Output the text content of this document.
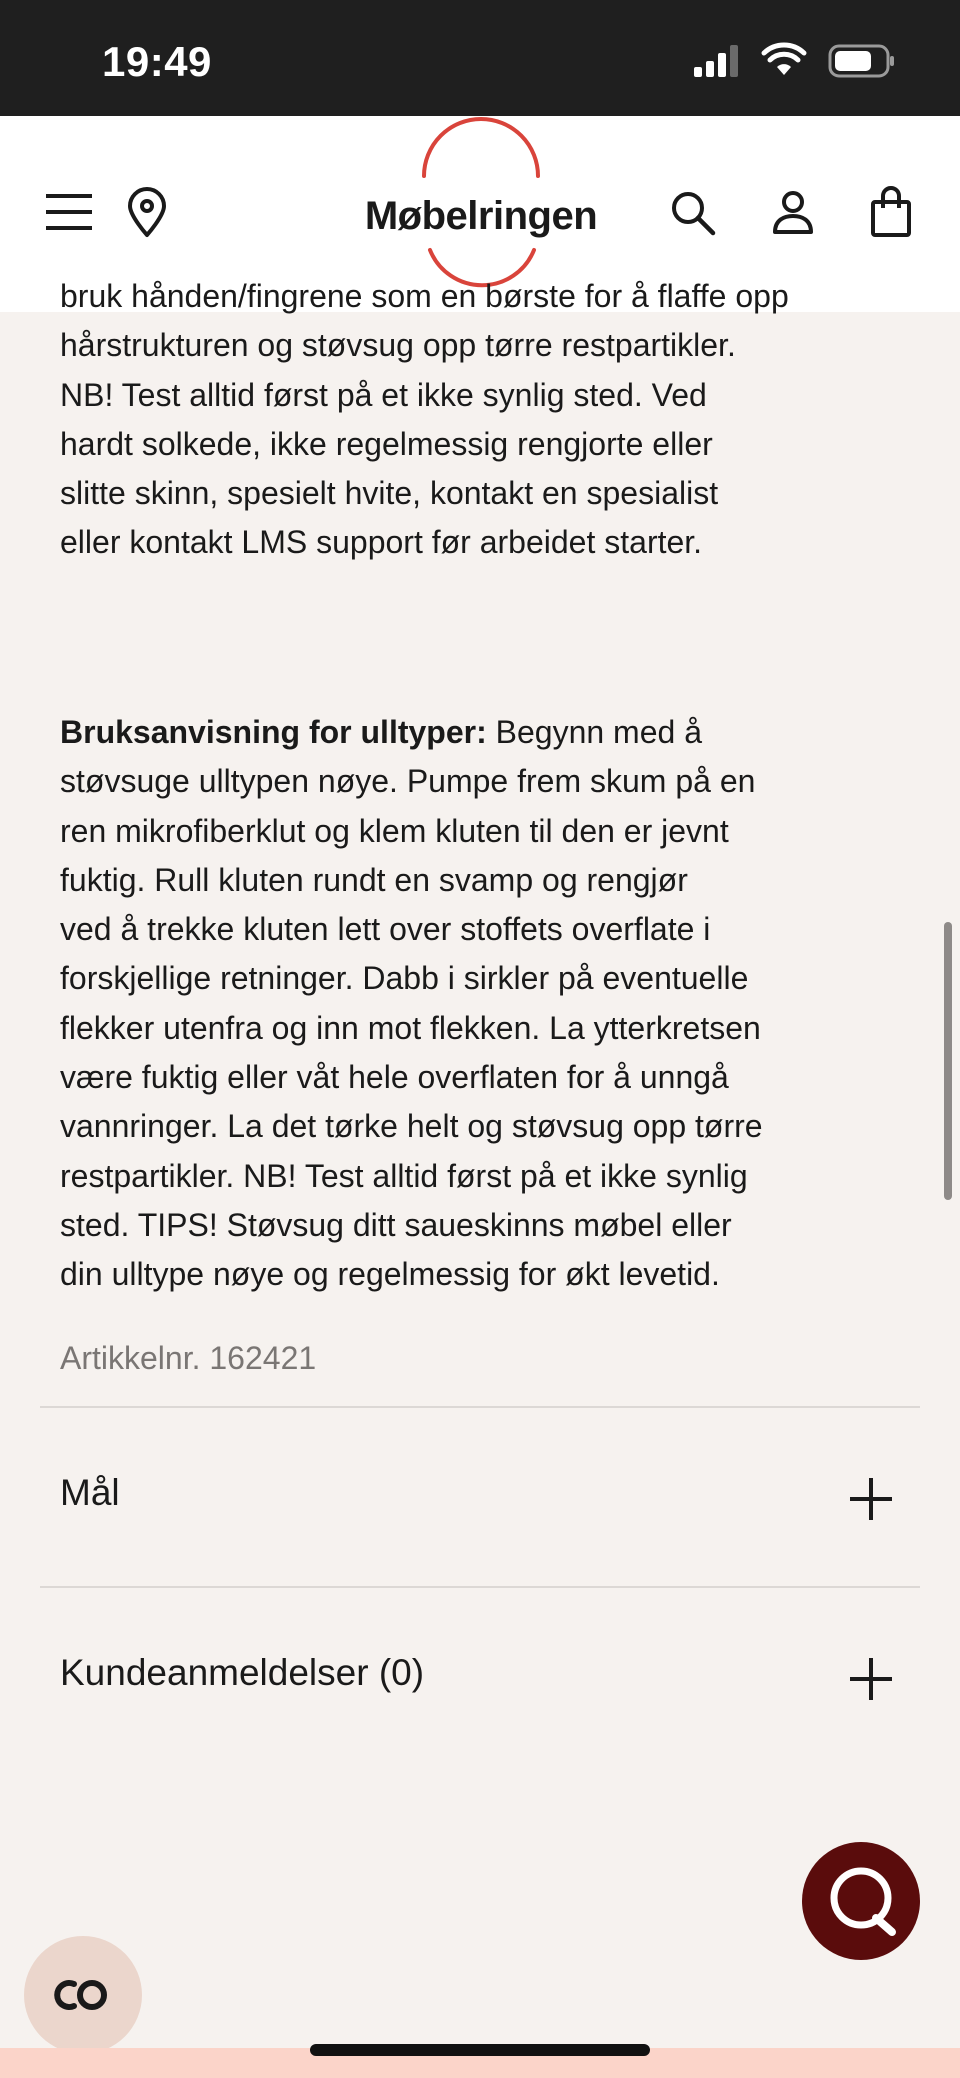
19:49
Møbelringen
bruk hånden/fingrene som en børste for å flaffe opp
hårstrukturen og støvsug opp tørre restpartikler.
NB! Test alltid først på et ikke synlig sted. Ved
hardt solkede, ikke regelmessig rengjorte eller
slitte skinn, spesielt hvite, kontakt en spesialist
eller kontakt LMS support før arbeidet starter.
Bruksanvisning for ulltyper: Begynn med å
støvsuge ulltypen nøye. Pumpe frem skum på en
ren mikrofiberklut og klem kluten til den er jevnt
fuktig. Rull kluten rundt en svamp og rengjør
ved å trekke kluten lett over stoffets overflate i
forskjellige retninger. Dabb i sirkler på eventuelle
flekker utenfra og inn mot flekken. La ytterkretsen
være fuktig eller våt hele overflaten for å unngå
vannringer. La det tørke helt og støvsug opp tørre
restpartikler. NB! Test alltid først på et ikke synlig
sted. TIPS! Støvsug ditt saueskinns møbel eller
din ulltype nøye og regelmessig for økt levetid.
Artikkelnr. 162421
Mål
Kundeanmeldelser (0)
